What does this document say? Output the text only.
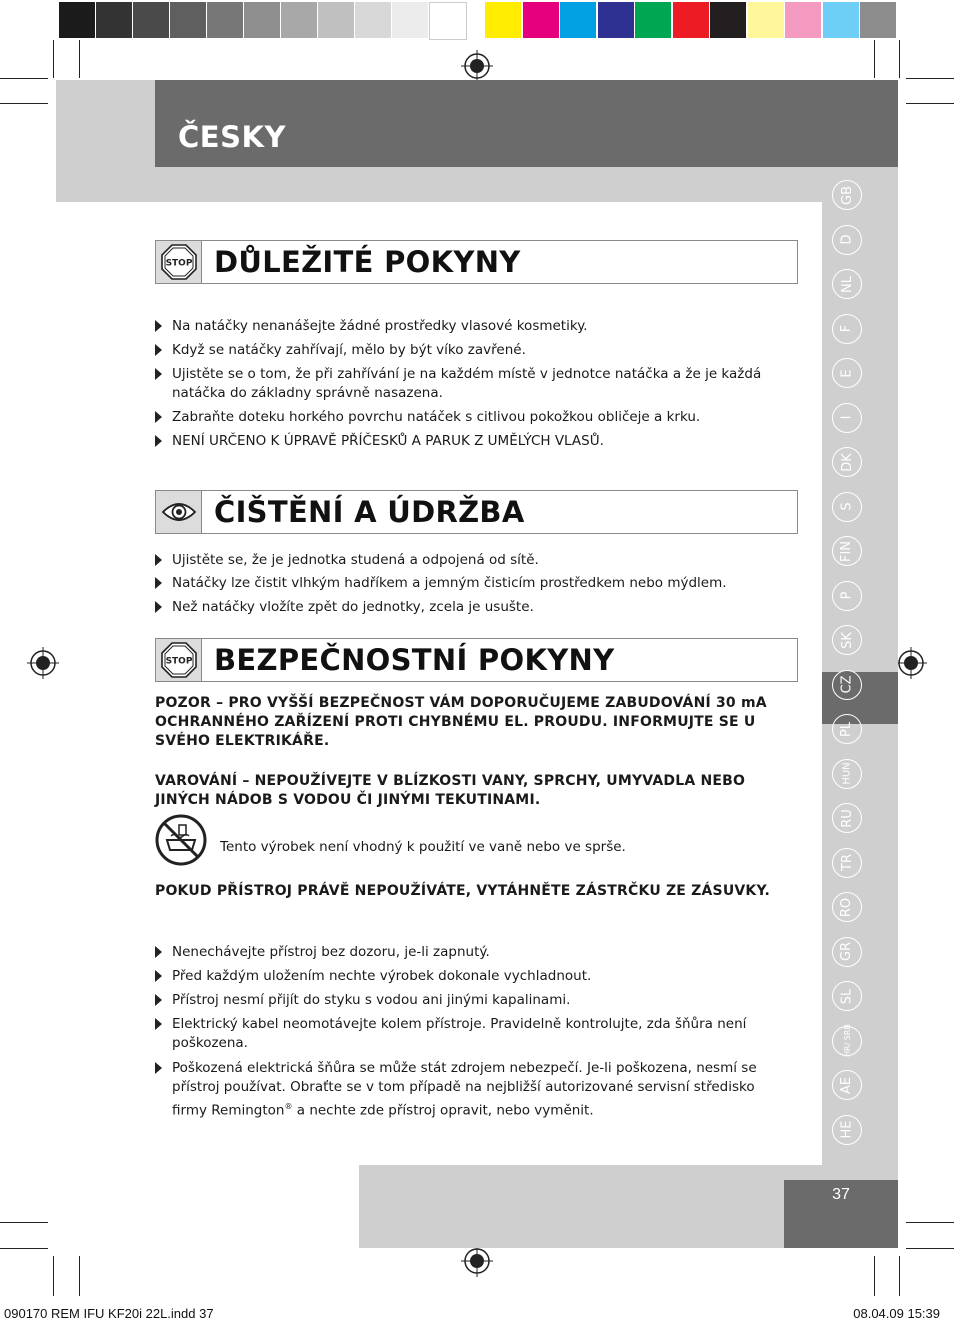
ČESKY
GB
D
NL
F
E
I
DK
S
FIN
P
SK
CZ
PL
HUN
RU
TR
RO
GR
SL
HR/ SRB
AE
HE
STOP DŮLEŽITÉ POKYNY
Na natáčky nenanášejte žádné prostředky vlasové kosmetiky.
Když se natáčky zahřívají, mělo by být víko zavřené.
Ujistěte se o tom, že při zahřívání je na každém místě v jednotce natáčka a že je každá natáčka do základny správně nasazena.
Zabraňte doteku horkého povrchu natáček s citlivou pokožkou obličeje a krku.
NENÍ URČENO K ÚPRAVĚ PŘÍČESKŮ A PARUK Z UMĚLÝCH VLASŮ.
ČIŠTĚNÍ A ÚDRŽBA
Ujistěte se, že je jednotka studená a odpojená od sítě.
Natáčky lze čistit vlhkým hadříkem a jemným čisticím prostředkem nebo mýdlem.
Než natáčky vložíte zpět do jednotky, zcela je usušte.
STOP BEZPEČNOSTNÍ POKYNY
POZOR – PRO VYŠŠÍ BEZPEČNOST VÁM DOPORUČUJEME ZABUDOVÁNÍ 30 mA OCHRANNÉHO ZAŘÍZENÍ PROTI CHYBNÉMU EL. PROUDU. INFORMUJTE SE U SVÉHO ELEKTRIKÁŘE.
VAROVÁNÍ – NEPOUŽÍVEJTE V BLÍZKOSTI VANY, SPRCHY, UMYVADLA NEBO JINÝCH NÁDOB S VODOU ČI JINÝMI TEKUTINAMI.
Tento výrobek není vhodný k použití ve vaně nebo ve sprše.
POKUD PŘÍSTROJ PRÁVĚ NEPOUŽÍVÁTE, VYTÁHNĚTE ZÁSTRČKU ZE ZÁSUVKY.
Nenechávejte přístroj bez dozoru, je-li zapnutý.
Před každým uložením nechte výrobek dokonale vychladnout.
Přístroj nesmí přijít do styku s vodou ani jinými kapalinami.
Elektrický kabel neomotávejte kolem přístroje. Pravidelně kontrolujte, zda šňůra není poškozena.
Poškozená elektrická šňůra se může stát zdrojem nebezpečí. Je-li poškozena, nesmí se přístroj používat. Obraťte se v tom případě na nejbližší autorizované servisní středisko firmy Remington® a nechte zde přístroj opravit, nebo vyměnit.
37
090170 REM IFU KF20i 22L.indd 37	08.04.09 15:39
